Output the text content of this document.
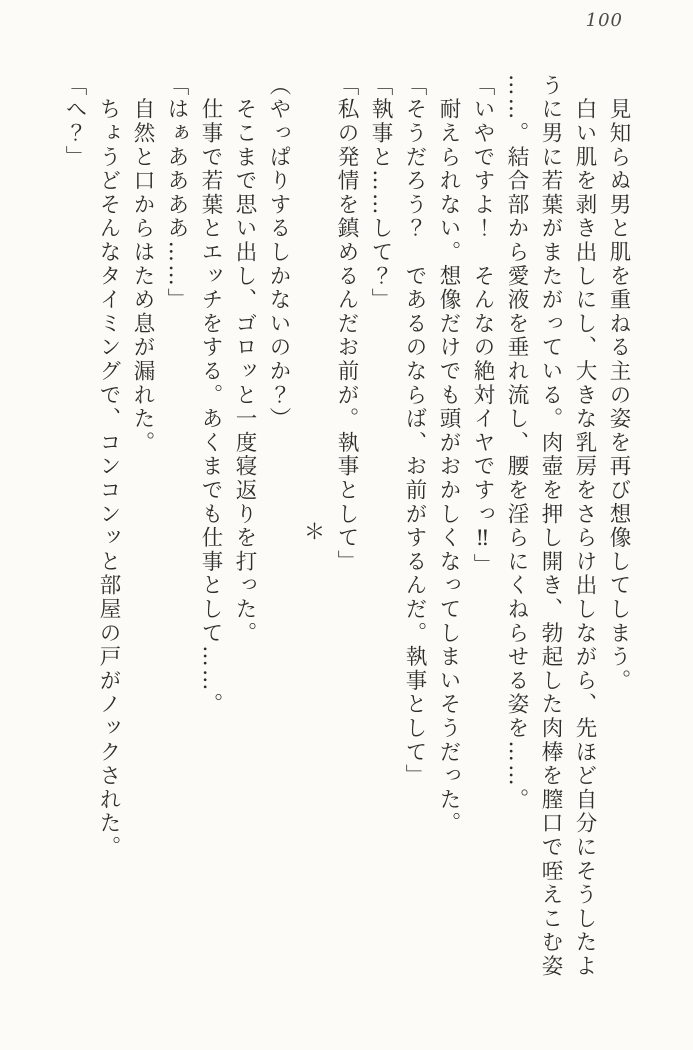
100

　見知らぬ男と肌を重ねる主の姿を再び想像してしまう。

　白い肌を剥き出しにし、大きな乳房をさらけ出しながら、先ほど自分にそうしたよ

うに男に若葉がまたがっている。肉壺を押し開き、勃起した肉棒を膣口で咥えこむ姿

……。結合部から愛液を垂れ流し、腰を淫らにくねらせる姿を……。

「いやですよ！　そんなの絶対イヤですっ‼」

　耐えられない。想像だけでも頭がおかしくなってしまいそうだった。

「そうだろう？　であるのならば、お前がするんだ。執事として」

「執事と……して？」

「私の発情を鎮めるんだお前が。執事として」

＊

（やっぱりするしかないのか？）

　そこまで思い出し、ゴロッと一度寝返りを打った。

　仕事で若葉とエッチをする。あくまでも仕事として……。

「はぁああああ……」

　自然と口からはため息が漏れた。

　ちょうどそんなタイミングで、コンコンッと部屋の戸がノックされた。

「へ？」
